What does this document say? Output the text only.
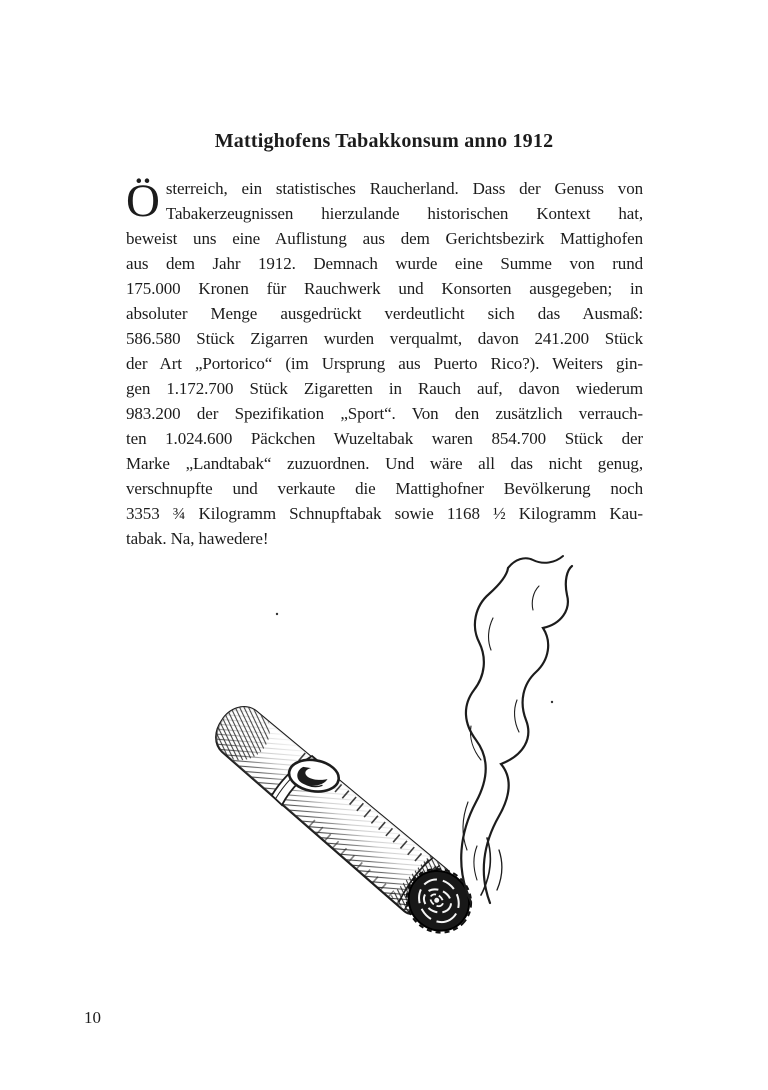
Mattighofens Tabakkonsum anno 1912
Österreich, ein statistisches Raucherland. Dass der Genuss von
Tabakerzeugnissen hierzulande historischen Kontext hat,
beweist uns eine Auflistung aus dem Gerichtsbezirk Mattighofen
aus dem Jahr 1912. Demnach wurde eine Summe von rund
175.000 Kronen für Rauchwerk und Konsorten ausgegeben; in
absoluter Menge ausgedrückt verdeutlicht sich das Ausmaß:
586.580 Stück Zigarren wurden verqualmt, davon 241.200 Stück
der Art „Portorico“ (im Ursprung aus Puerto Rico?). Weiters gin-
gen 1.172.700 Stück Zigaretten in Rauch auf, davon wiederum
983.200 der Spezifikation „Sport“. Von den zusätzlich verrauch-
ten 1.024.600 Päckchen Wuzeltabak waren 854.700 Stück der
Marke „Landtabak“ zuzuordnen. Und wäre all das nicht genug,
verschnupfte und verkaute die Mattighofner Bevölkerung noch
3353 ¾ Kilogramm Schnupftabak sowie 1168 ½ Kilogramm Kau-
tabak. Na, hawedere!
10
